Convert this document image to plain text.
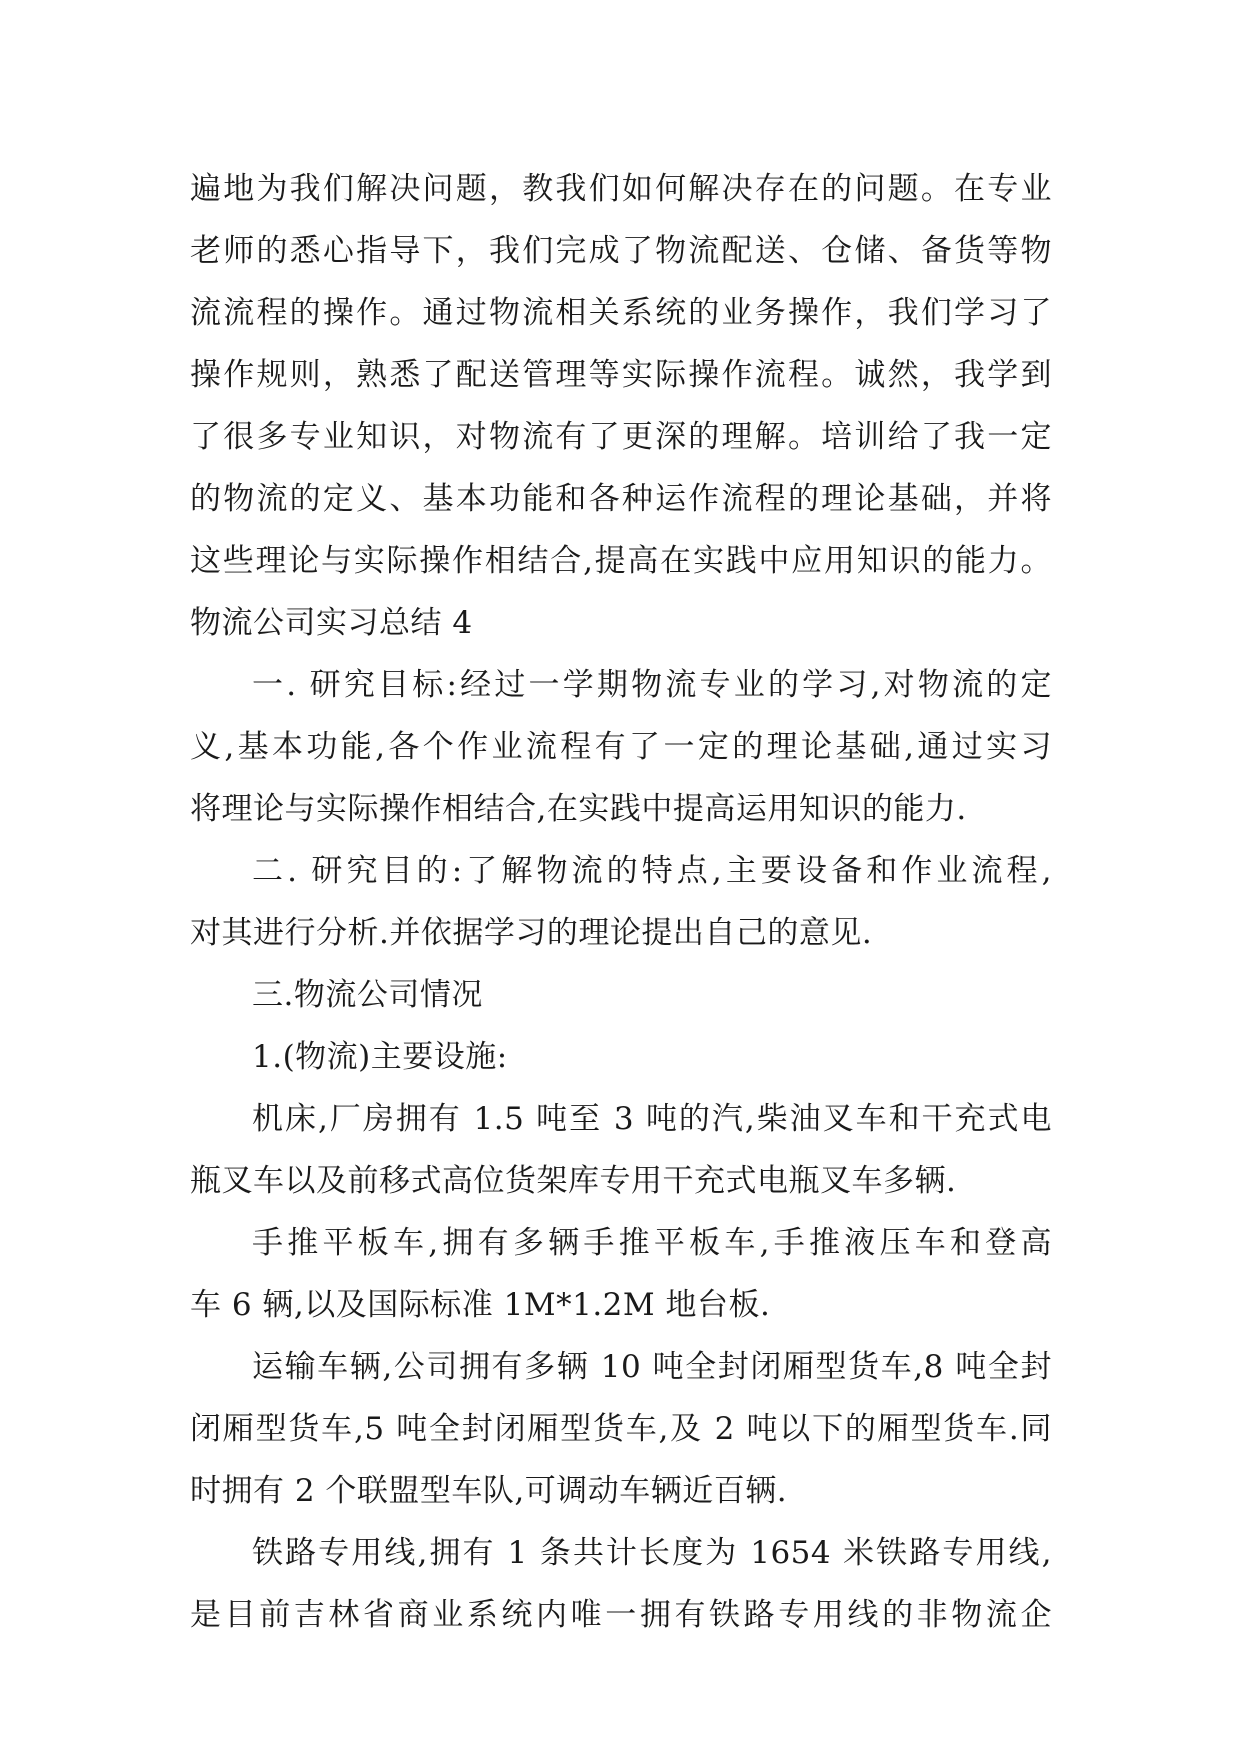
遍地为我们解决问题，教我们如何解决存在的问题。在专业
老师的悉心指导下，我们完成了物流配送、仓储、备货等物
流流程的操作。通过物流相关系统的业务操作，我们学习了
操作规则，熟悉了配送管理等实际操作流程。诚然，我学到
了很多专业知识，对物流有了更深的理解。培训给了我一定
的物流的定义、基本功能和各种运作流程的理论基础，并将
这些理论与实际操作相结合,提高在实践中应用知识的能力。
物流公司实习总结 4
一. 研究目标:经过一学期物流专业的学习,对物流的定
义,基本功能,各个作业流程有了一定的理论基础,通过实习
将理论与实际操作相结合,在实践中提高运用知识的能力.
二. 研究目的:了解物流的特点,主要设备和作业流程,
对其进行分析.并依据学习的理论提出自己的意见.
三.物流公司情况
1.(物流)主要设施:
机床,厂房拥有 1.5 吨至 3 吨的汽,柴油叉车和干充式电
瓶叉车以及前移式高位货架库专用干充式电瓶叉车多辆.
手推平板车,拥有多辆手推平板车,手推液压车和登高
车 6 辆,以及国际标准 1M*1.2M 地台板.
运输车辆,公司拥有多辆 10 吨全封闭厢型货车,8 吨全封
闭厢型货车,5 吨全封闭厢型货车,及 2 吨以下的厢型货车.同
时拥有 2 个联盟型车队,可调动车辆近百辆.
铁路专用线,拥有 1 条共计长度为 1654 米铁路专用线,
是目前吉林省商业系统内唯一拥有铁路专用线的非物流企
